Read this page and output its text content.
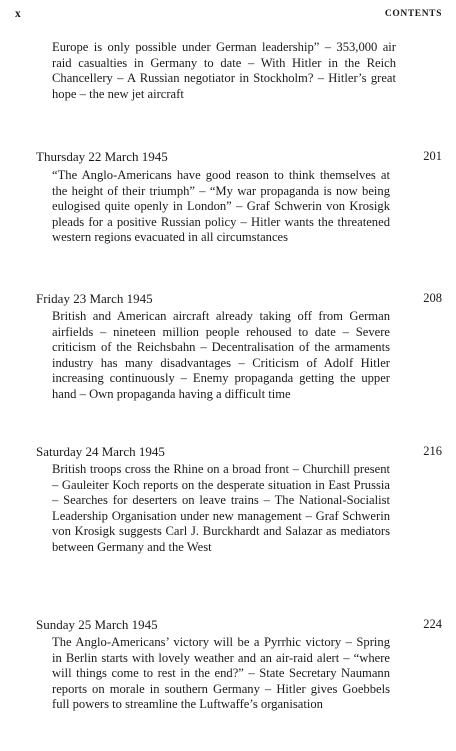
x	CONTENTS
Europe is only possible under German leadership” – 353,000 air raid casualties in Germany to date – With Hitler in the Reich Chancellery – A Russian negotiator in Stockholm? – Hitler’s great hope – the new jet aircraft
Thursday 22 March 1945	201
“The Anglo-Americans have good reason to think themselves at the height of their triumph” – “My war propaganda is now being eulogised quite openly in London” – Graf Schwerin von Krosigk pleads for a positive Russian policy – Hitler wants the threatened western regions evacuated in all circumstances
Friday 23 March 1945	208
British and American aircraft already taking off from German airfields – nineteen million people rehoused to date – Severe criticism of the Reichsbahn – Decentralisation of the armaments industry has many disadvantages – Criticism of Adolf Hitler increasing continuously – Enemy propaganda getting the upper hand – Own propaganda having a difficult time
Saturday 24 March 1945	216
British troops cross the Rhine on a broad front – Churchill present – Gauleiter Koch reports on the desperate situation in East Prussia – Searches for deserters on leave trains – The National-Socialist Leadership Organisation under new management – Graf Schwerin von Krosigk suggests Carl J. Burckhardt and Salazar as mediators between Germany and the West
Sunday 25 March 1945	224
The Anglo-Americans’ victory will be a Pyrrhic victory – Spring in Berlin starts with lovely weather and an air-raid alert – “where will things come to rest in the end?” – State Secretary Naumann reports on morale in southern Germany – Hitler gives Goebbels full powers to streamline the Luftwaffe’s organisation
